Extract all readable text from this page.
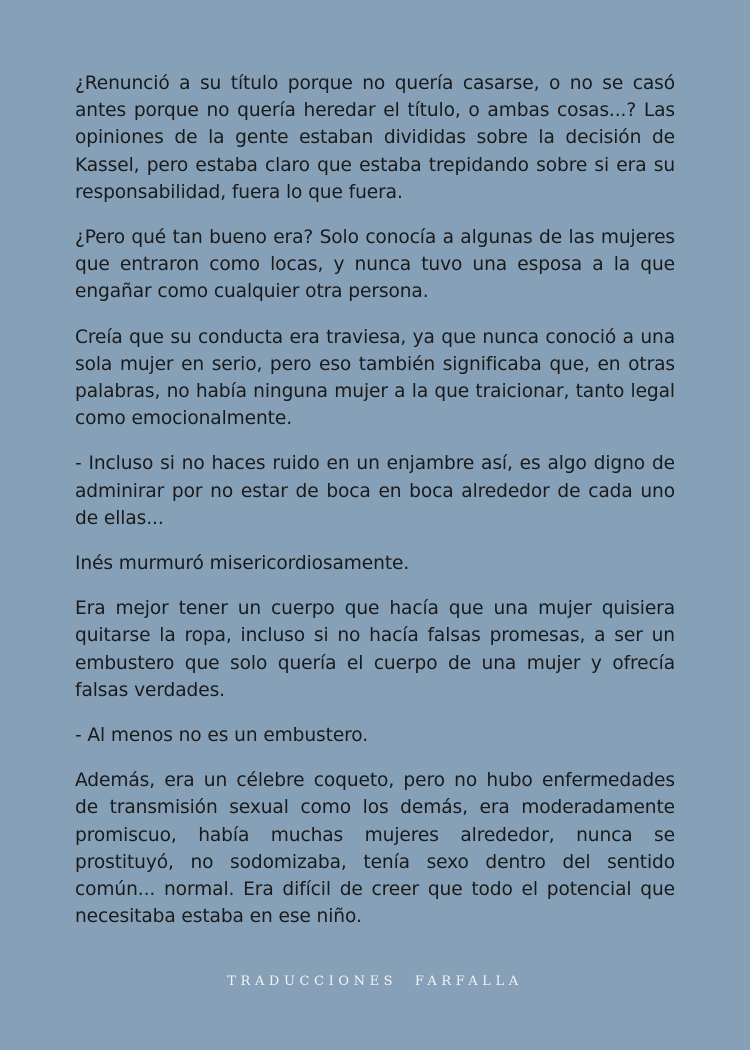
¿Renunció a su título porque no quería casarse, o no se casó antes porque no quería heredar el título, o ambas cosas...? Las opiniones de la gente estaban divididas sobre la decisión de Kassel, pero estaba claro que estaba trepidando sobre si era su responsabilidad, fuera lo que fuera.

¿Pero qué tan bueno era? Solo conocía a algunas de las mujeres que entraron como locas, y nunca tuvo una esposa a la que engañar como cualquier otra persona.

Creía que su conducta era traviesa, ya que nunca conoció a una sola mujer en serio, pero eso también significaba que, en otras palabras, no había ninguna mujer a la que traicionar, tanto legal como emocionalmente.

- Incluso si no haces ruido en un enjambre así, es algo digno de adminirar por no estar de boca en boca alrededor de cada uno de ellas...

Inés murmuró misericordiosamente.

Era mejor tener un cuerpo que hacía que una mujer quisiera quitarse la ropa, incluso si no hacía falsas promesas, a ser un embustero que solo quería el cuerpo de una mujer y ofrecía falsas verdades.

- Al menos no es un embustero.

Además, era un célebre coqueto, pero no hubo enfermedades de transmisión sexual como los demás, era moderadamente promiscuo, había muchas mujeres alrededor, nunca se prostituyó, no sodomizaba, tenía sexo dentro del sentido común... normal. Era difícil de creer que todo el potencial que necesitaba estaba en ese niño.

TRADUCCIONES FARFALLA
